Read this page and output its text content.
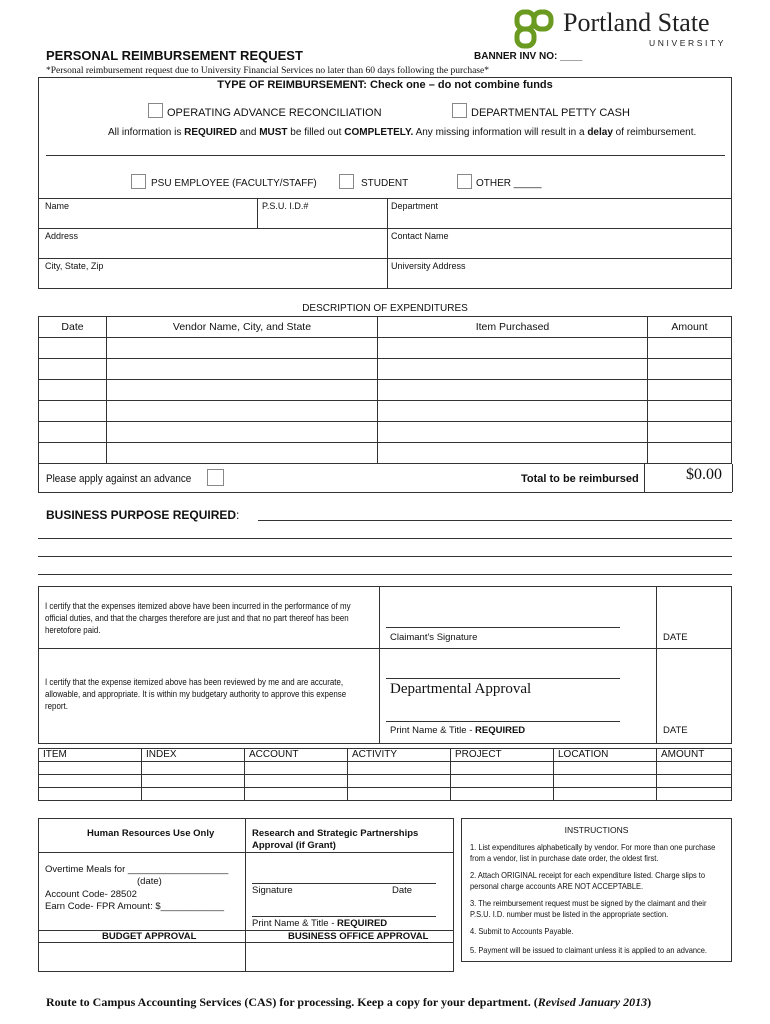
Portland State
UNIVERSITY
PERSONAL REIMBURSEMENT REQUEST	BANNER INV NO: ____
*Personal reimbursement request due to University Financial Services no later than 60 days following the purchase*
TYPE OF REIMBURSEMENT: Check one – do not combine funds
OPERATING ADVANCE RECONCILIATION	DEPARTMENTAL PETTY CASH
All information is REQUIRED and MUST be filled out COMPLETELY. Any missing information will result in a delay of reimbursement.
PSU EMPLOYEE (FACULTY/STAFF)	STUDENT	OTHER _____
Name	P.S.U. I.D.#	Department
Address	Contact Name
City, State, Zip	University Address
DESCRIPTION OF EXPENDITURES
Date	Vendor Name, City, and State	Item Purchased	Amount

Please apply against an advance	Total to be reimbursed	$0.00
BUSINESS PURPOSE REQUIRED:
I certify that the expenses itemized above have been incurred in the performance of my official duties, and that the charges therefore are just and that no part thereof has been heretofore paid.
Claimant's Signature	DATE
I certify that the expense itemized above has been reviewed by me and are accurate, allowable, and appropriate. It is within my budgetary authority to approve this expense report.
Departmental Approval
Print Name & Title - REQUIRED	DATE
ITEM	INDEX	ACCOUNT	ACTIVITY	PROJECT	LOCATION	AMOUNT

Human Resources Use Only	Research and Strategic Partnerships Approval (if Grant)
Overtime Meals for ___________________
(date)
Account Code- 28502
Earn Code- FPR Amount: $____________
BUDGET APPROVAL
Signature	Date
Print Name & Title - REQUIRED
BUSINESS OFFICE APPROVAL
INSTRUCTIONS
1. List expenditures alphabetically by vendor. For more than one purchase from a vendor, list in purchase date order, the oldest first.
2. Attach ORIGINAL receipt for each expenditure listed. Charge slips to personal charge accounts ARE NOT ACCEPTABLE.
3. The reimbursement request must be signed by the claimant and their P.S.U. I.D. number must be listed in the appropriate section.
4. Submit to Accounts Payable.
5. Payment will be issued to claimant unless it is applied to an advance.
Route to Campus Accounting Services (CAS) for processing. Keep a copy for your department. (Revised January 2013)
